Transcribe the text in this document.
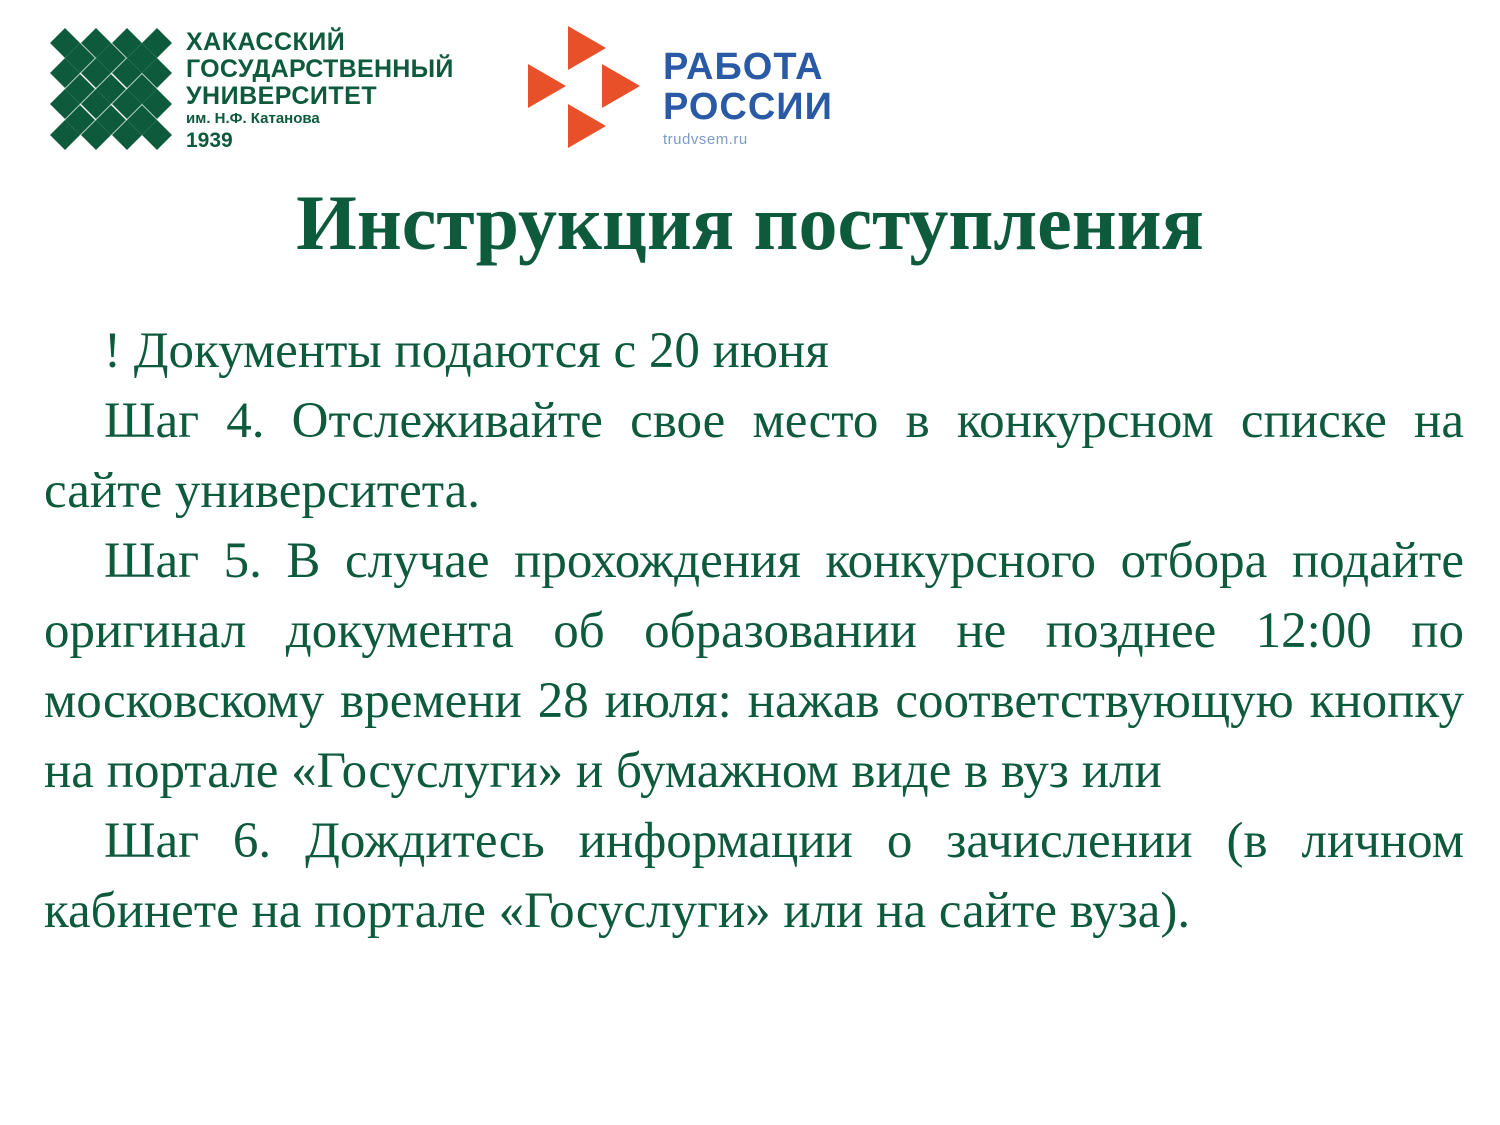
ХАКАССКИЙ
ГОСУДАРСТВЕННЫЙ
УНИВЕРСИТЕТ
им. Н.Ф. Катанова
1939
РАБОТА
РОССИИ
trudvsem.ru
Инструкция поступления

! Документы подаются с 20 июня

Шаг 4. Отслеживайте свое место в конкурсном списке на сайте университета.

Шаг 5. В случае прохождения конкурсного отбора подайте оригинал документа об образовании не позднее 12:00 по московскому времени 28 июля: нажав соответствующую кнопку на портале «Госуслуги» и бумажном виде в вуз или

Шаг 6. Дождитесь информации о зачислении (в личном кабинете на портале «Госуслуги» или на сайте вуза).
